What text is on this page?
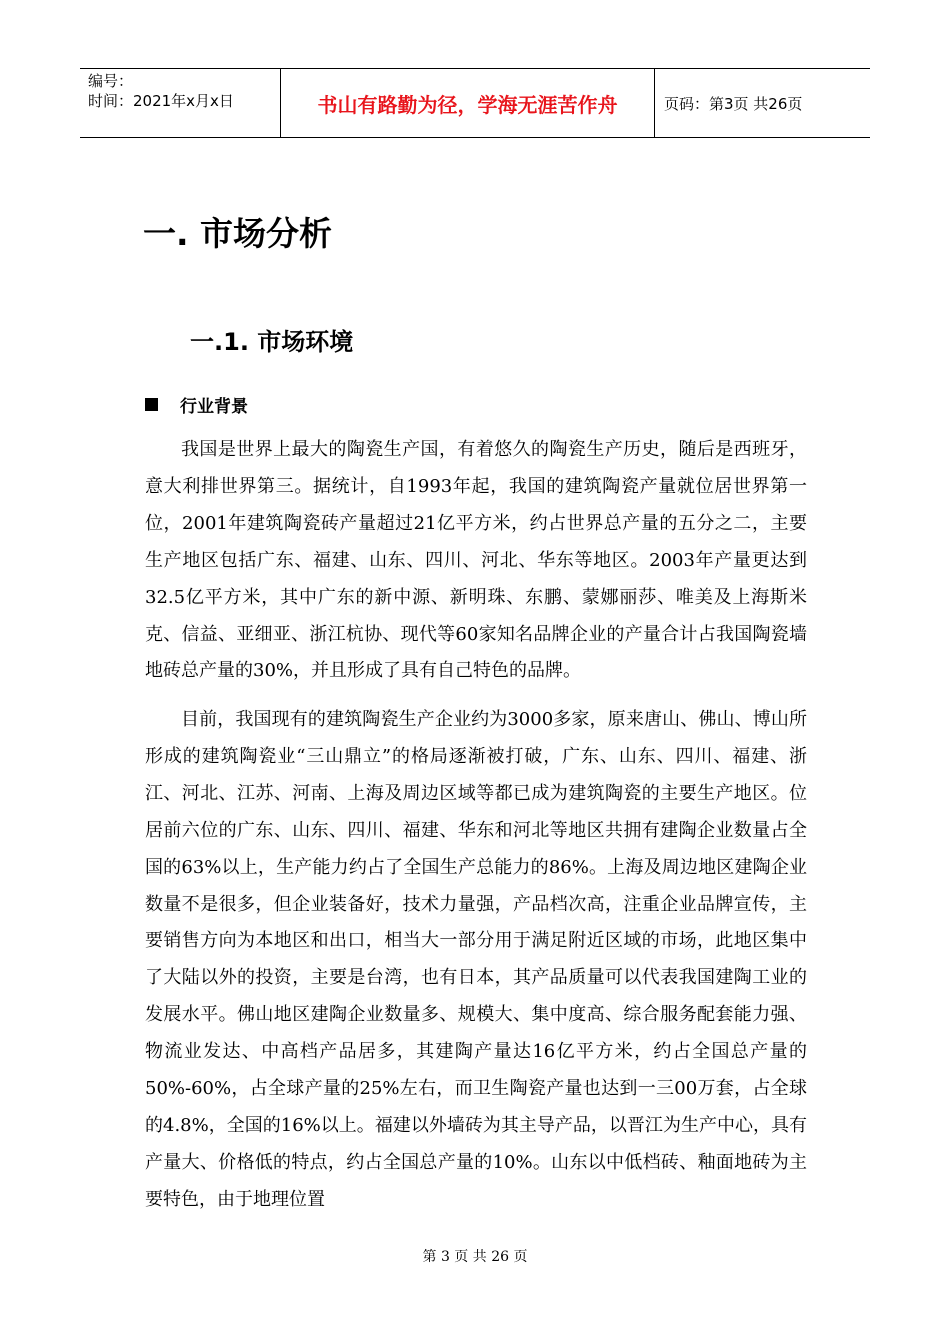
编号：
时间：2021年x月x日	书山有路勤为径，学海无涯苦作舟	页码：第3页 共26页
一. 市场分析
一.1. 市场环境
行业背景

我国是世界上最大的陶瓷生产国，有着悠久的陶瓷生产历史，随后是西班牙，意大利排世界第三。据统计，自1993年起，我国的建筑陶瓷产量就位居世界第一位，2001年建筑陶瓷砖产量超过21亿平方米，约占世界总产量的五分之二，主要生产地区包括广东、福建、山东、四川、河北、华东等地区。2003年产量更达到32.5亿平方米，其中广东的新中源、新明珠、东鹏、蒙娜丽莎、唯美及上海斯米克、信益、亚细亚、浙江杭协、现代等60家知名品牌企业的产量合计占我国陶瓷墙地砖总产量的30%，并且形成了具有自己特色的品牌。

目前，我国现有的建筑陶瓷生产企业约为3000多家，原来唐山、佛山、博山所形成的建筑陶瓷业“三山鼎立”的格局逐渐被打破，广东、山东、四川、福建、浙江、河北、江苏、河南、上海及周边区域等都已成为建筑陶瓷的主要生产地区。位居前六位的广东、山东、四川、福建、华东和河北等地区共拥有建陶企业数量占全国的63%以上，生产能力约占了全国生产总能力的86%。上海及周边地区建陶企业数量不是很多，但企业装备好，技术力量强，产品档次高，注重企业品牌宣传，主要销售方向为本地区和出口，相当大一部分用于满足附近区域的市场，此地区集中了大陆以外的投资，主要是台湾，也有日本，其产品质量可以代表我国建陶工业的发展水平。佛山地区建陶企业数量多、规模大、集中度高、综合服务配套能力强、物流业发达、中高档产品居多，其建陶产量达16亿平方米，约占全国总产量的50%-60%，占全球产量的25%左右，而卫生陶瓷产量也达到一三00万套，占全球的4.8%，全国的16%以上。福建以外墙砖为其主导产品，以晋江为生产中心，具有产量大、价格低的特点，约占全国总产量的10%。山东以中低档砖、釉面地砖为主要特色，由于地理位置

第 3 页 共 26 页
